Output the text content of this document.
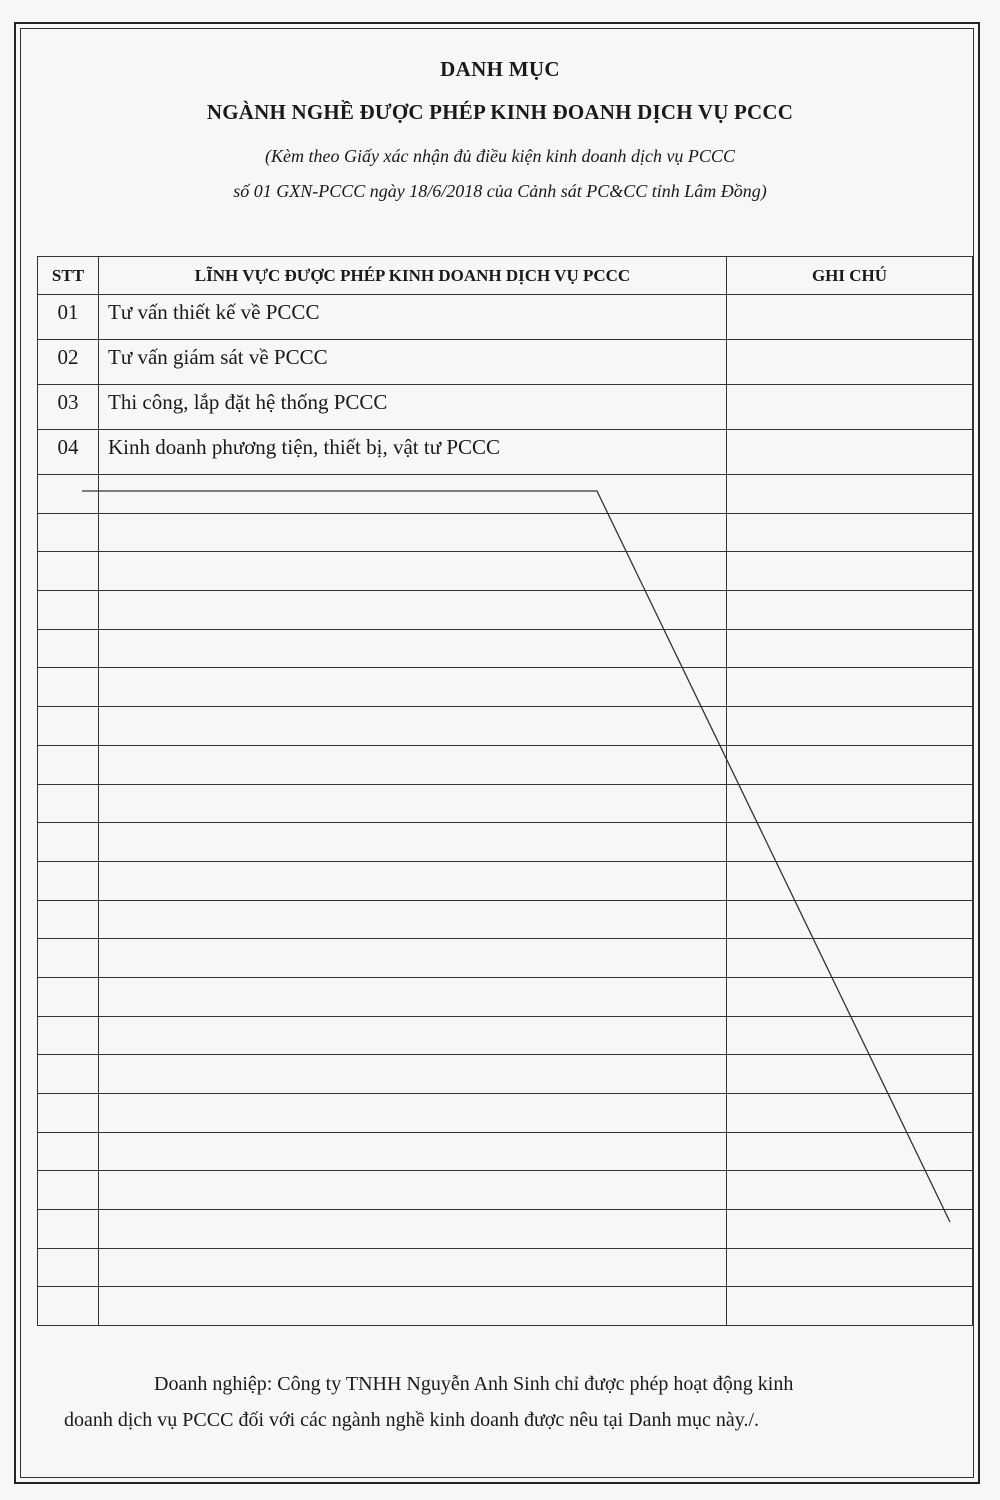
DANH MỤC
NGÀNH NGHỀ ĐƯỢC PHÉP KINH ĐOANH DỊCH VỤ PCCC
(Kèm theo Giấy xác nhận đủ điều kiện kinh doanh dịch vụ PCCC
số 01 GXN-PCCC ngày 18/6/2018 của Cảnh sát PC&CC tỉnh Lâm Đồng)
STT	LĨNH VỰC ĐƯỢC PHÉP KINH DOANH DỊCH VỤ PCCC	GHI CHÚ
01	Tư vấn thiết kế về PCCC	
02	Tư vấn giám sát về PCCC	
03	Thi công, lắp đặt hệ thống PCCC	
04	Kinh doanh phương tiện, thiết bị, vật tư PCCC	

Doanh nghiệp: Công ty TNHH Nguyễn Anh Sinh chỉ được phép hoạt động kinh
doanh dịch vụ PCCC đối với các ngành nghề kinh doanh được nêu tại Danh mục này./.
